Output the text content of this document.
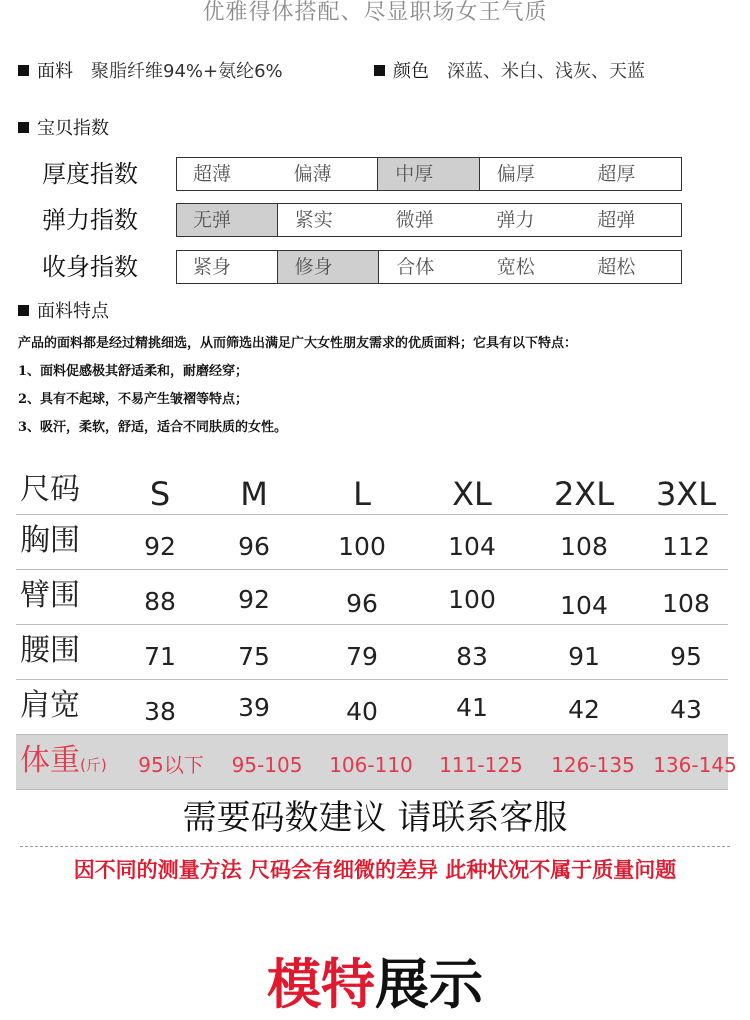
优雅得体搭配、尽显职场女王气质
面料 聚脂纤维94%+氨纶6%	颜色 深蓝、米白、浅灰、天蓝
宝贝指数
厚度指数	超薄	偏薄	中厚	偏厚	超厚
弹力指数	无弹	紧实	微弹	弹力	超弹
收身指数	紧身	修身	合体	宽松	超松
面料特点
产品的面料都是经过精挑细选，从而筛选出满足广大女性朋友需求的优质面料；它具有以下特点：
1、面料促感极其舒适柔和，耐磨经穿；
2、具有不起球，不易产生皱褶等特点；
3、吸汗，柔软，舒适，适合不同肤质的女性。
尺码	S	M	L	XL	2XL	3XL
胸围	92	96	100	104	108	112
臂围	88	92	96	100	104	108
腰围	71	75	79	83	91	95
肩宽	38	39	40	41	42	43
体重(斤)	95以下	95-105	106-110	111-125	126-135 136-145
需要码数建议 请联系客服
因不同的测量方法 尺码会有细微的差异 此种状况不属于质量问题
模特展示
